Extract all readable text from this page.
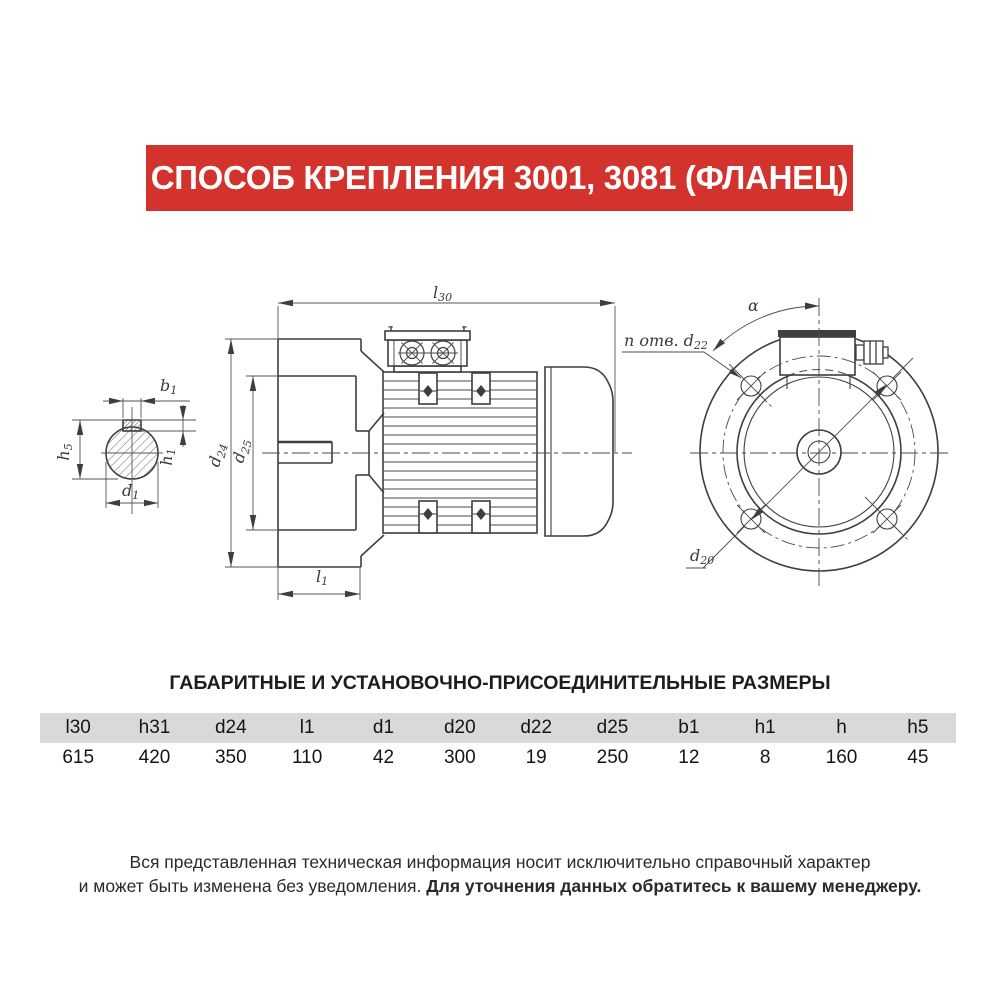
СПОСОБ КРЕПЛЕНИЯ 3001, 3081 (ФЛАНЕЦ)
l30
d24
d25
l1
b1
h5
h1
d1
α
n отв. d22
d20
ГАБАРИТНЫЕ И УСТАНОВОЧНО-ПРИСОЕДИНИТЕЛЬНЫЕ РАЗМЕРЫ
l30	h31	d24	l1	d1	d20	d22	d25	b1	h1	h	h5
615	420	350	110	42	300	19	250	12	8	160	45
Вся представленная техническая информация носит исключительно справочный характер
и может быть изменена без уведомления. Для уточнения данных обратитесь к вашему менеджеру.
